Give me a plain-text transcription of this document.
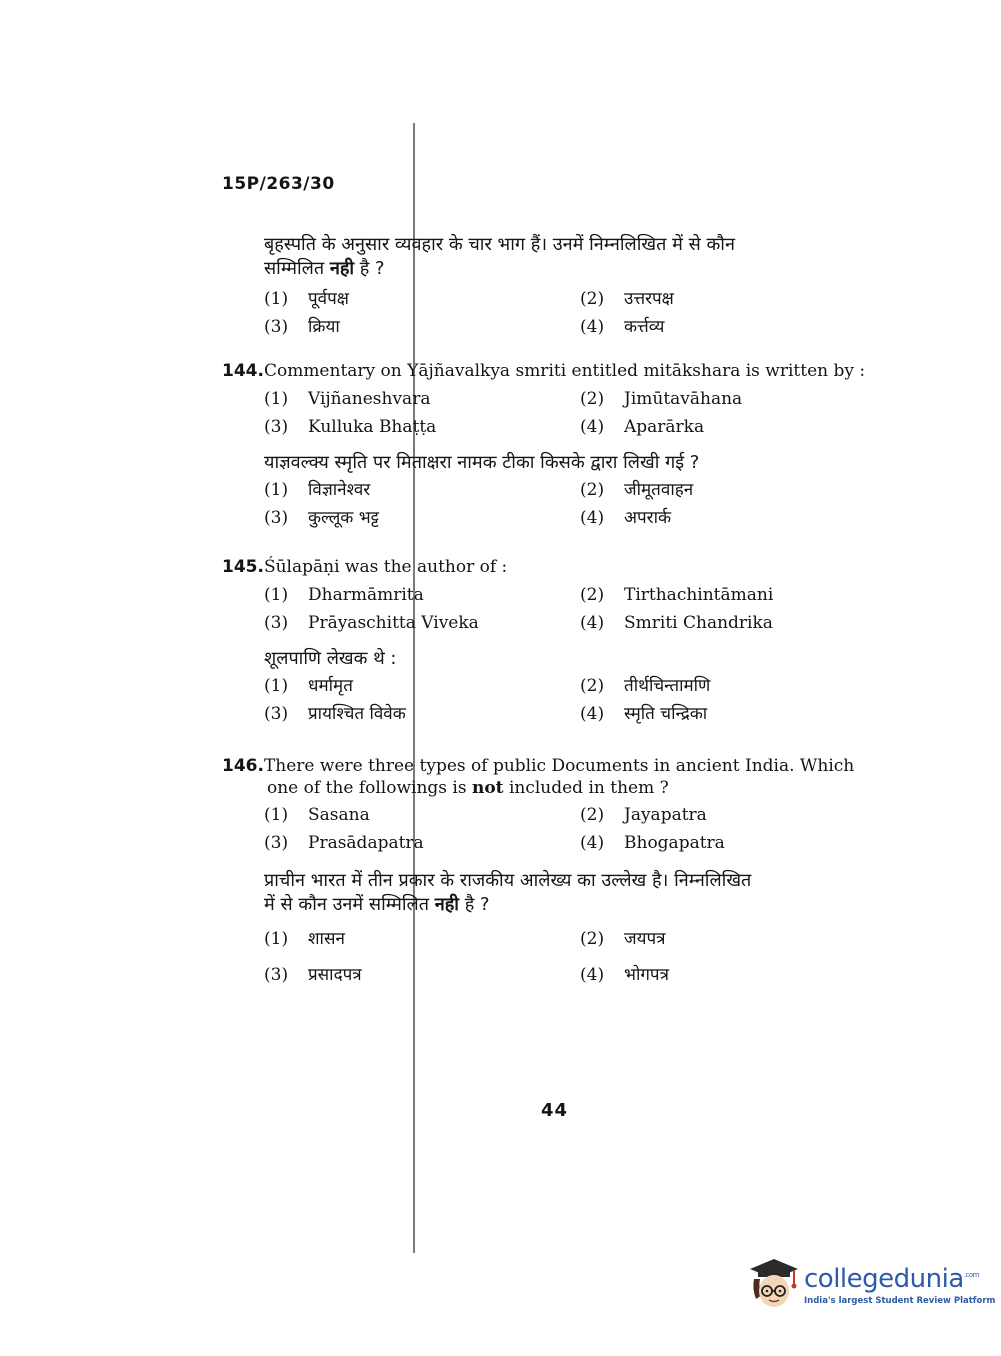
15P/263/30
बृहस्पति के अनुसार व्यवहार के चार भाग हैं। उनमें निम्नलिखित में से कौन
सम्मिलित नही है ?
(1)	पूर्वपक्ष	(2)	उत्तरपक्ष
(3)	क्रिया	(4)	कर्त्तव्य
144.Commentary on Yājñavalkya smriti entitled mitākshara is written by :
(1)	Vijñaneshvara	(2)	Jimūtavāhana
(3)	Kulluka Bhaṭṭa	(4)	Aparārka
याज्ञवल्क्य स्मृति पर मिताक्षरा नामक टीका किसके द्वारा लिखी गई ?
(1)	विज्ञानेश्वर	(2)	जीमूतवाहन
(3)	कुल्लूक भट्ट	(4)	अपरार्क
145.Śūlapāṇi was the author of :
(1)	Dharmāmrita	(2)	Tirthachintāmani
(3)	Prāyaschitta Viveka	(4)	Smriti Chandrika
शूलपाणि लेखक थे :
(1)	धर्मामृत	(2)	तीर्थचिन्तामणि
(3)	प्रायश्चित विवेक	(4)	स्मृति चन्द्रिका
146.There were three types of public Documents in ancient India. Which
one of the followings is not included in them ?
(1)	Sasana	(2)	Jayapatra
(3)	Prasādapatra	(4)	Bhogapatra
प्राचीन भारत में तीन प्रकार के राजकीय आलेख्य का उल्लेख है। निम्नलिखित
में से कौन उनमें सम्मिलित नही है ?
(1)	शासन	(2)	जयपत्र
(3)	प्रसादपत्र	(4)	भोगपत्र
44
collegedunia$_{.com}$
India's largest Student Review Platform
